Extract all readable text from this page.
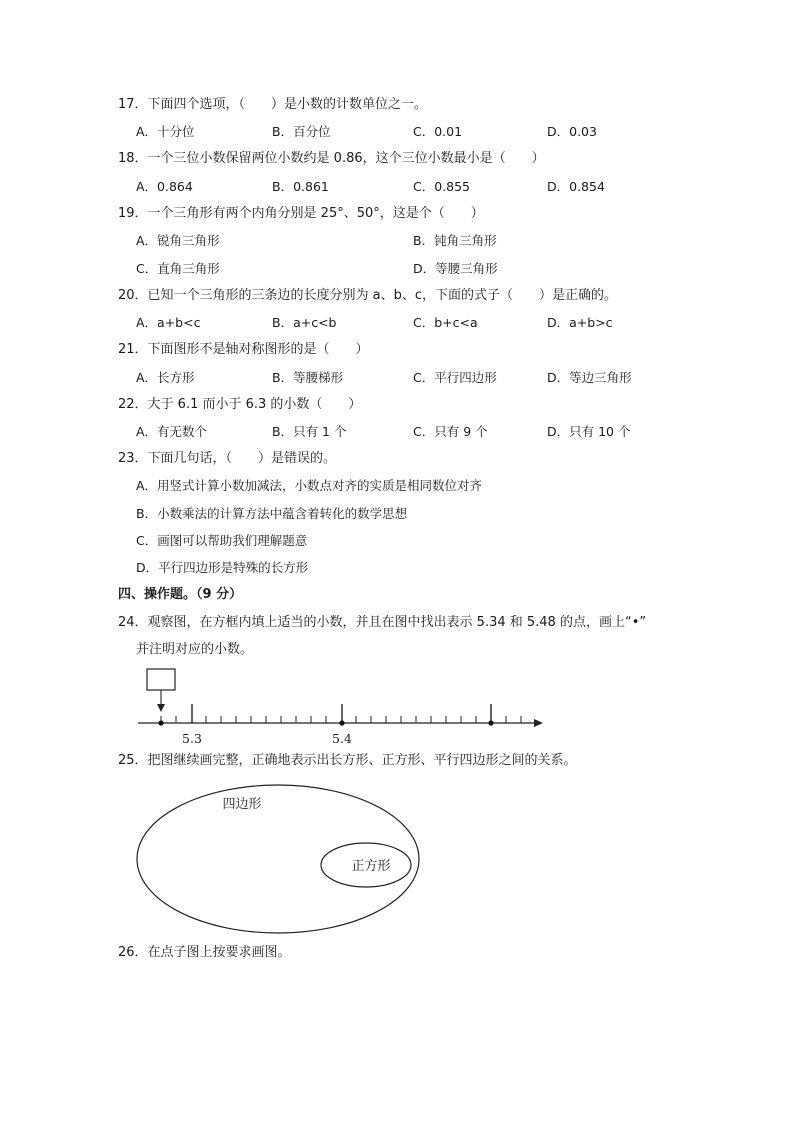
17．下面四个选项，（　　）是小数的计数单位之一。
A．十分位	B．百分位	C．0.01	D．0.03
18．一个三位小数保留两位小数约是 0.86，这个三位小数最小是（　　）
A．0.864	B．0.861	C．0.855	D．0.854
19．一个三角形有两个内角分别是 25°、50°，这是个（　　）
A．锐角三角形	B．钝角三角形
C．直角三角形	D．等腰三角形
20．已知一个三角形的三条边的长度分别为 a、b、c，下面的式子（　　）是正确的。
A．a+b<c	B．a+c<b	C．b+c<a	D．a+b>c
21．下面图形不是轴对称图形的是（　　）
A．长方形	B．等腰梯形	C．平行四边形	D．等边三角形
22．大于 6.1 而小于 6.3 的小数（　　）
A．有无数个	B．只有 1 个	C．只有 9 个	D．只有 10 个
23．下面几句话，（　　）是错误的。
A．用竖式计算小数加减法，小数点对齐的实质是相同数位对齐
B．小数乘法的计算方法中蕴含着转化的数学思想
C．画图可以帮助我们理解题意
D．平行四边形是特殊的长方形
四、操作题。（9 分）
24．观察图，在方框内填上适当的小数，并且在图中找出表示 5.34 和 5.48 的点，画上“•”
并注明对应的小数。
5.3	5.4
25．把图继续画完整，正确地表示出长方形、正方形、平行四边形之间的关系。
四边形
正方形
26．在点子图上按要求画图。
